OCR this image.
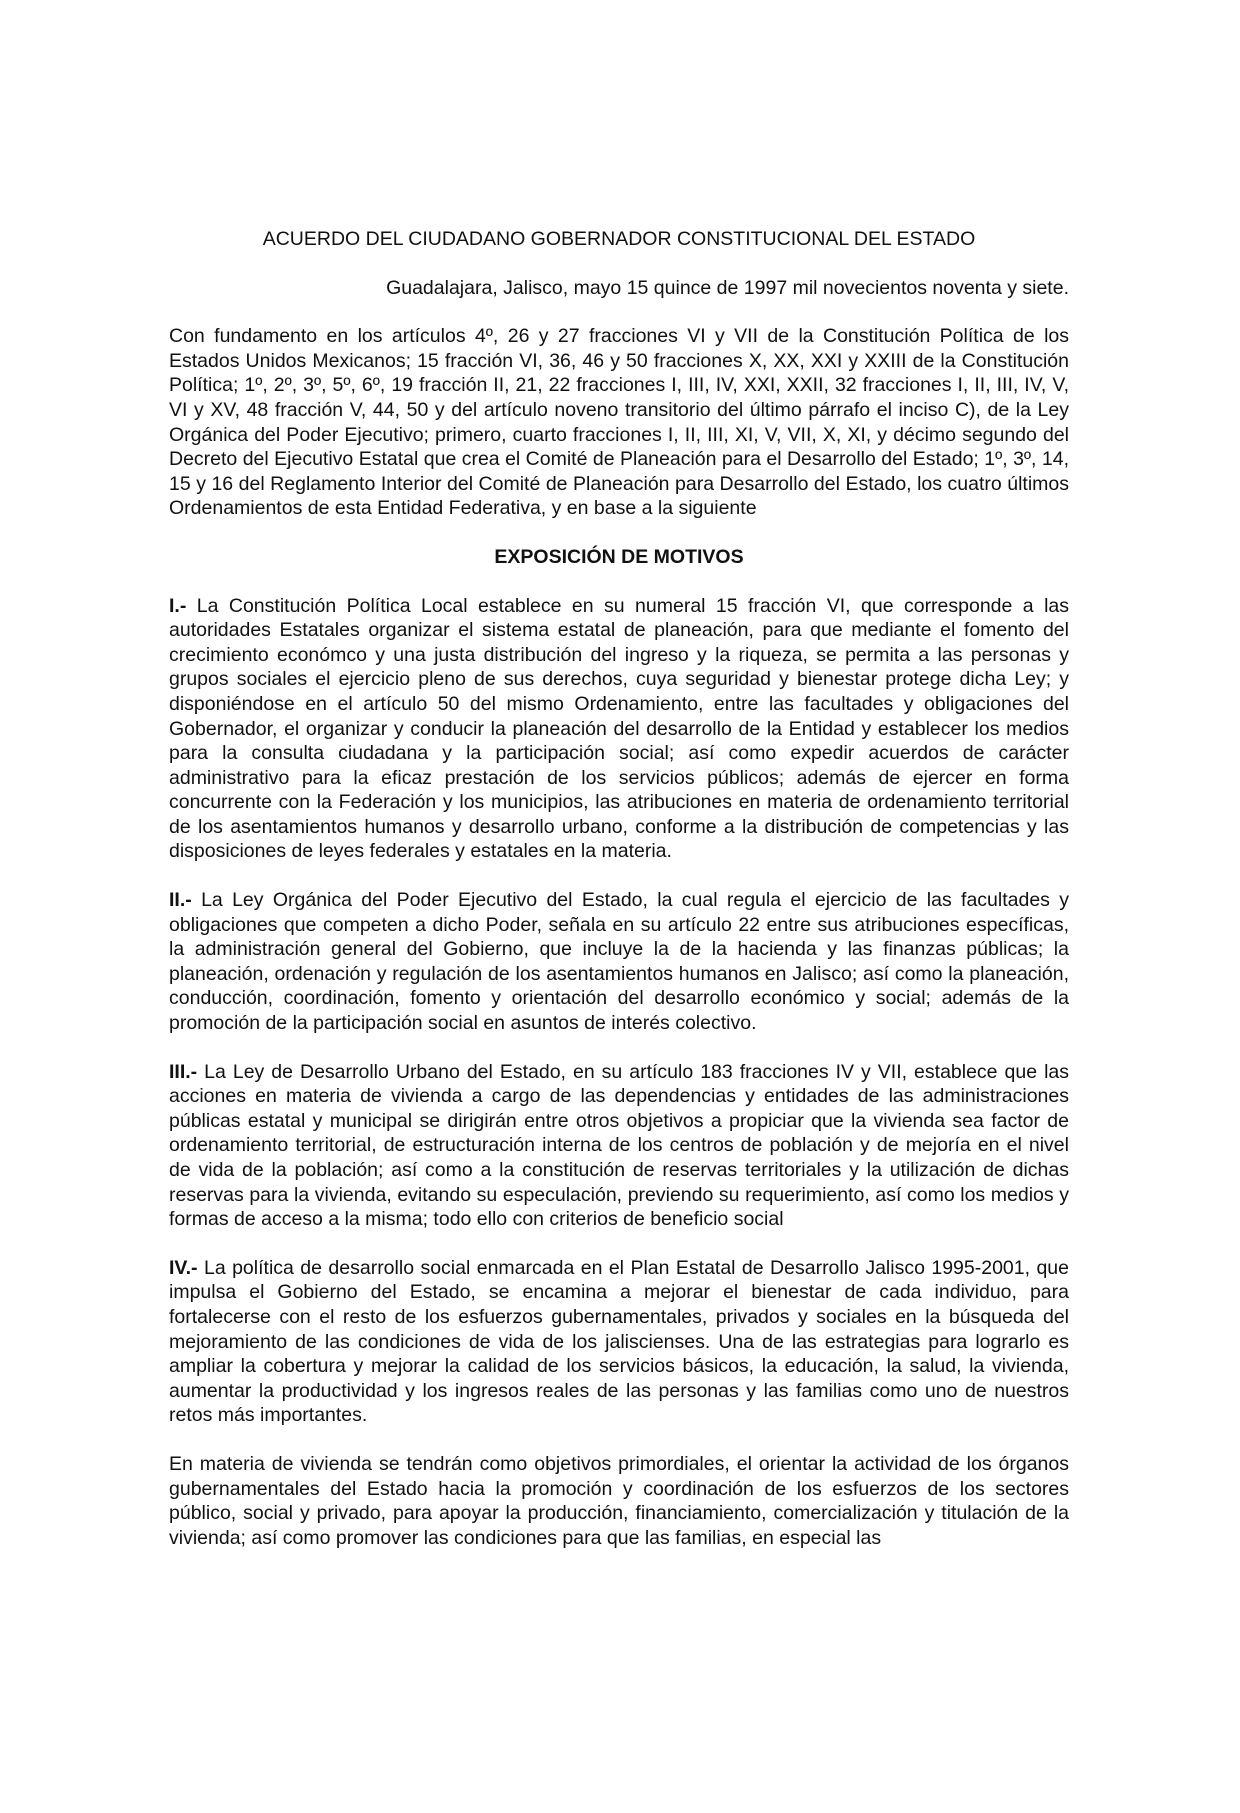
ACUERDO DEL CIUDADANO GOBERNADOR CONSTITUCIONAL DEL ESTADO

Guadalajara, Jalisco, mayo 15 quince de 1997 mil novecientos noventa y siete.

Con fundamento en los artículos 4º, 26 y 27 fracciones VI y VII de la Constitución Política de los Estados Unidos Mexicanos; 15 fracción VI, 36, 46 y 50 fracciones X, XX, XXI y XXIII de la Constitución Política; 1º, 2º, 3º, 5º, 6º, 19 fracción II, 21, 22 fracciones I, III, IV, XXI, XXII, 32 fracciones I, II, III, IV, V, VI y XV, 48 fracción V, 44, 50 y del artículo noveno transitorio del último párrafo el inciso C), de la Ley Orgánica del Poder Ejecutivo; primero, cuarto fracciones I, II, III, XI, V, VII, X, XI, y décimo segundo del Decreto del Ejecutivo Estatal que crea el Comité de Planeación para el Desarrollo del Estado; 1º, 3º, 14, 15 y 16 del Reglamento Interior del Comité de Planeación para Desarrollo del Estado, los cuatro últimos Ordenamientos de esta Entidad Federativa, y en base a la siguiente

EXPOSICIÓN DE MOTIVOS

I.- La Constitución Política Local establece en su numeral 15 fracción VI, que corresponde a las autoridades Estatales organizar el sistema estatal de planeación, para que mediante el fomento del crecimiento económco y una justa distribución del ingreso y la riqueza, se permita a las personas y grupos sociales el ejercicio pleno de sus derechos, cuya seguridad y bienestar protege dicha Ley; y disponiéndose en el artículo 50 del mismo Ordenamiento, entre las facultades y obligaciones del Gobernador, el organizar y conducir la planeación del desarrollo de la Entidad y establecer los medios para la consulta ciudadana y la participación social; así como expedir acuerdos de carácter administrativo para la eficaz prestación de los servicios públicos; además de ejercer en forma concurrente con la Federación y los municipios, las atribuciones en materia de ordenamiento territorial de los asentamientos humanos y desarrollo urbano, conforme a la distribución de competencias y las disposiciones de leyes federales y estatales en la materia.

II.- La Ley Orgánica del Poder Ejecutivo del Estado, la cual regula el ejercicio de las facultades y obligaciones que competen a dicho Poder, señala en su artículo 22 entre sus atribuciones específicas, la administración general del Gobierno, que incluye la de la hacienda y las finanzas públicas; la planeación, ordenación y regulación de los asentamientos humanos en Jalisco; así como la planeación, conducción, coordinación, fomento y orientación del desarrollo económico y social; además de la promoción de la participación social en asuntos de interés colectivo.

III.- La Ley de Desarrollo Urbano del Estado, en su artículo 183 fracciones IV y VII, establece que las acciones en materia de vivienda a cargo de las dependencias y entidades de las administraciones públicas estatal y municipal se dirigirán entre otros objetivos a propiciar que la vivienda sea factor de ordenamiento territorial, de estructuración interna de los centros de población y de mejoría en el nivel de vida de la población; así como a la constitución de reservas territoriales y la utilización de dichas reservas para la vivienda, evitando su especulación, previendo su requerimiento, así como los medios y formas de acceso a la misma; todo ello con criterios de beneficio social

IV.- La política de desarrollo social enmarcada en el Plan Estatal de Desarrollo Jalisco 1995-2001, que impulsa el Gobierno del Estado, se encamina a mejorar el bienestar de cada individuo, para fortalecerse con el resto de los esfuerzos gubernamentales, privados y sociales en la búsqueda del mejoramiento de las condiciones de vida de los jaliscienses. Una de las estrategias para lograrlo es ampliar la cobertura y mejorar la calidad de los servicios básicos, la educación, la salud, la vivienda, aumentar la productividad y los ingresos reales de las personas y las familias como uno de nuestros retos más importantes.

En materia de vivienda se tendrán como objetivos primordiales, el orientar la actividad de los órganos gubernamentales del Estado hacia la promoción y coordinación de los esfuerzos de los sectores público, social y privado, para apoyar la producción, financiamiento, comercialización y titulación de la vivienda; así como promover las condiciones para que las familias, en especial las
